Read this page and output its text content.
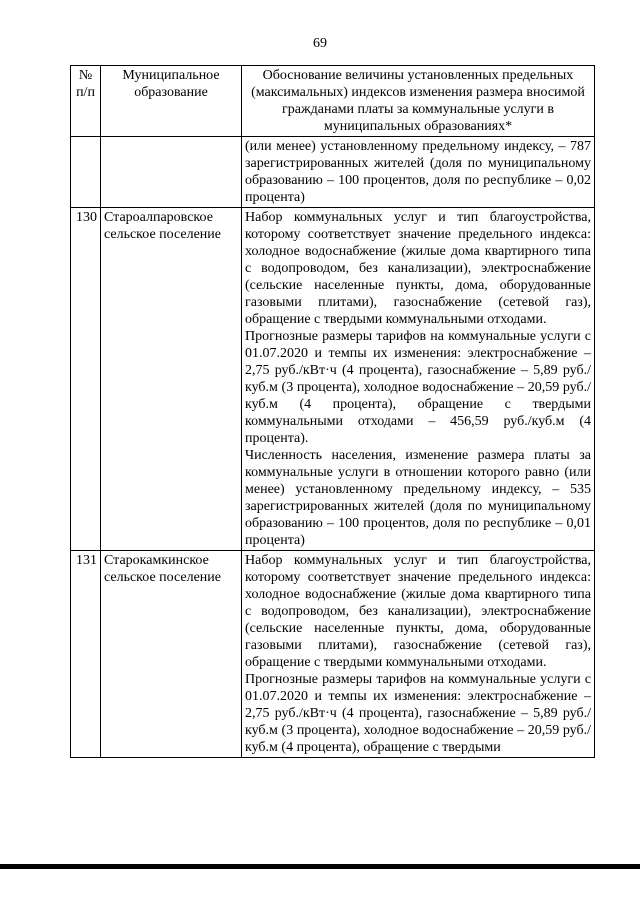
69
№
п/п	Муниципальное образование	Обоснование величины установленных предельных (максимальных) индексов изменения размера вносимой гражданами платы за коммунальные услуги в муниципальных образованиях*

		(или менее) установленному предельному индексу, – 787 зарегистрированных жителей (доля по муниципальному образованию – 100 процентов, доля по республике – 0,02 процента)

130	Староалпаровское сельское поселение	Набор коммунальных услуг и тип благоустройства, которому соответствует значение предельного индекса: холодное водоснабжение (жилые дома квартирного типа с водопроводом, без канализации), электроснабжение (сельские населенные пункты, дома, оборудованные газовыми плитами), газоснабжение (сетевой газ), обращение с твердыми коммунальными отходами.

Прогнозные размеры тарифов на коммунальные услуги с 01.07.2020 и темпы их изменения: электроснабжение – 2,75 руб./кВт·ч (4 процента), газоснабжение – 5,89 руб./куб.м (3 процента), холодное водоснабжение – 20,59 руб./куб.м (4 процента), обращение с твердыми коммунальными отходами – 456,59 руб./куб.м (4 процента).

Численность населения, изменение размера платы за коммунальные услуги в отношении которого равно (или менее) установленному предельному индексу, – 535 зарегистрированных жителей (доля по муниципальному образованию – 100 процентов, доля по республике – 0,01 процента)

131	Старокамкинское сельское поселение	Набор коммунальных услуг и тип благоустройства, которому соответствует значение предельного индекса: холодное водоснабжение (жилые дома квартирного типа с водопроводом, без канализации), электроснабжение (сельские населенные пункты, дома, оборудованные газовыми плитами), газоснабжение (сетевой газ), обращение с твердыми коммунальными отходами.

Прогнозные размеры тарифов на коммунальные услуги с 01.07.2020 и темпы их изменения: электроснабжение – 2,75 руб./кВт·ч (4 процента), газоснабжение – 5,89 руб./куб.м (3 процента), холодное водоснабжение – 20,59 руб./куб.м (4 процента), обращение с твердыми
